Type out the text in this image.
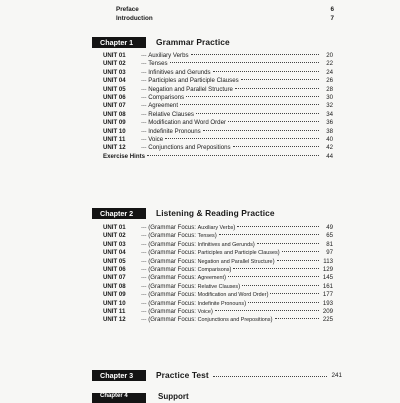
Preface	6
Introduction	7
Chapter 1	Grammar Practice
UNIT 01	‐‐‐ Auxiliary Verbs	20
UNIT 02	‐‐‐ Tenses	22
UNIT 03	‐‐‐ Infinitives and Gerunds	24
UNIT 04	‐‐‐ Participles and Participle Clauses	26
UNIT 05	‐‐‐ Negation and Parallel Structure	28
UNIT 06	‐‐‐ Comparisons	30
UNIT 07	‐‐‐ Agreement	32
UNIT 08	‐‐‐ Relative Clauses	34
UNIT 09	‐‐‐ Modification and Word Order	36
UNIT 10	‐‐‐ Indefinite Pronouns	38
UNIT 11	‐‐‐ Voice	40
UNIT 12	‐‐‐ Conjunctions and Prepositions	42
Exercise Hints	44
Chapter 2	Listening & Reading Practice
UNIT 01	‐‐‐ (Grammar Focus: Auxiliary Verbs)	49
UNIT 02	‐‐‐ (Grammar Focus: Tenses)	65
UNIT 03	‐‐‐ (Grammar Focus: Infinitives and Gerunds)	81
UNIT 04	‐‐‐ (Grammar Focus: Participles and Participle Clauses)	97
UNIT 05	‐‐‐ (Grammar Focus: Negation and Parallel Structure)	113
UNIT 06	‐‐‐ (Grammar Focus: Comparisons)	129
UNIT 07	‐‐‐ (Grammar Focus: Agreement)	145
UNIT 08	‐‐‐ (Grammar Focus: Relative Clauses)	161
UNIT 09	‐‐‐ (Grammar Focus: Modification and Word Order)	177
UNIT 10	‐‐‐ (Grammar Focus: Indefinite Pronouns)	193
UNIT 11	‐‐‐ (Grammar Focus: Voice)	209
UNIT 12	‐‐‐ (Grammar Focus: Conjunctions and Prepositions)	225
Chapter 3	Practice Test	241
Chapter 4	Support
